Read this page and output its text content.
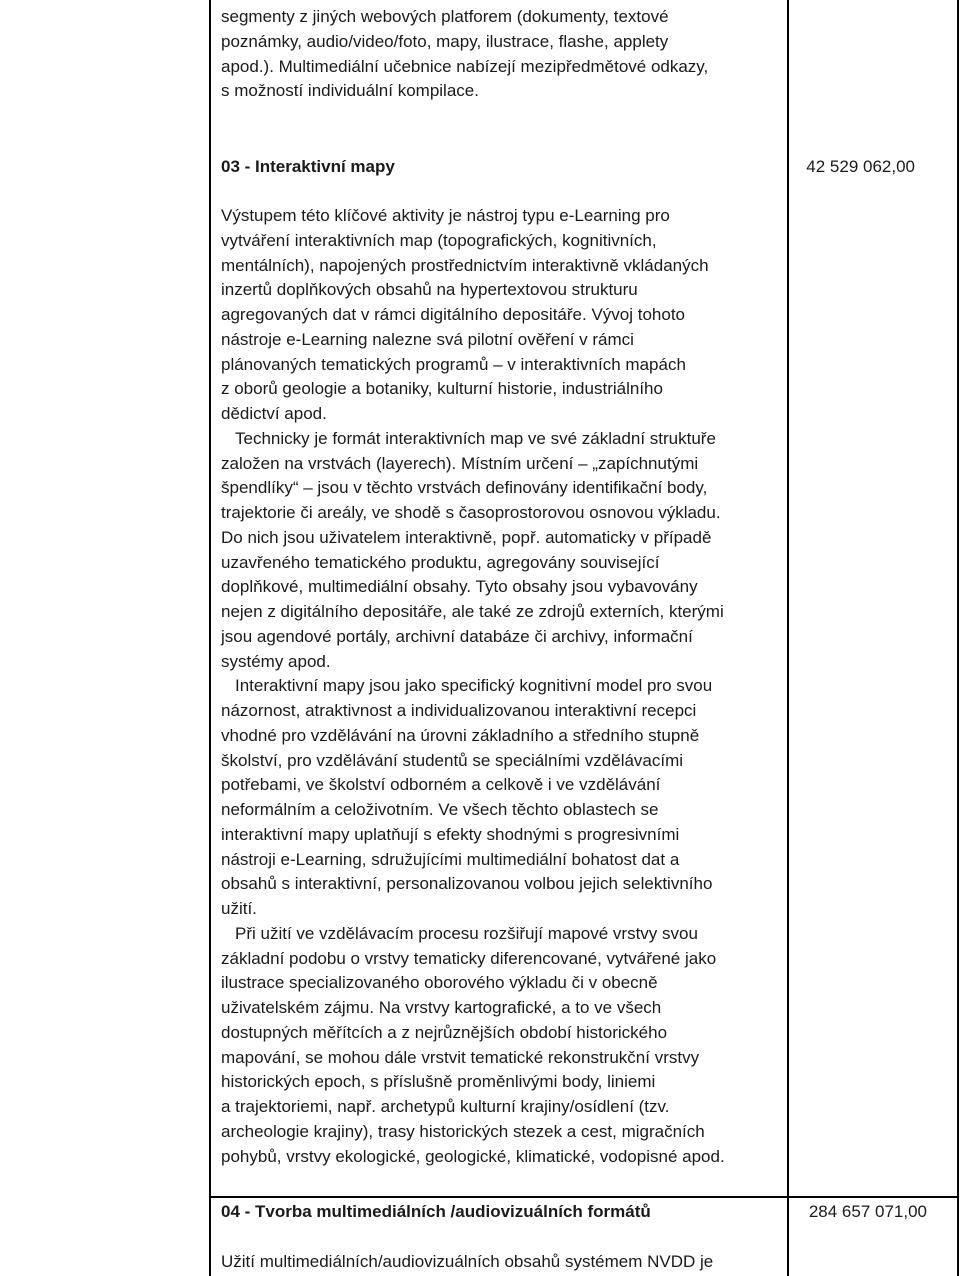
segmenty z jiných webových platforem (dokumenty, textové

poznámky, audio/video/foto, mapy, ilustrace, flashe, applety

apod.). Multimediální učebnice nabízejí mezipředmětové odkazy,

s možností individuální kompilace.

03 - Interaktivní mapy	42 529 062,00

Výstupem této klíčové aktivity je nástroj typu e-Learning pro

vytváření interaktivních map (topografických, kognitivních,

mentálních), napojených prostřednictvím interaktivně vkládaných

inzertů doplňkových obsahů na hypertextovou strukturu

agregovaných dat v rámci digitálního depositáře. Vývoj tohoto

nástroje e-Learning nalezne svá pilotní ověření v rámci

plánovaných tematických programů – v interaktivních mapách

z oborů geologie a botaniky, kulturní historie, industriálního

dědictví apod.

Technicky je formát interaktivních map ve své základní struktuře

založen na vrstvách (layerech). Místním určení – „zapíchnutými

špendlíky“ – jsou v těchto vrstvách definovány identifikační body,

trajektorie či areály, ve shodě s časoprostorovou osnovou výkladu.

Do nich jsou uživatelem interaktivně, popř. automaticky v případě

uzavřeného tematického produktu, agregovány související

doplňkové, multimediální obsahy. Tyto obsahy jsou vybavovány

nejen z digitálního depositáře, ale také ze zdrojů externích, kterými

jsou agendové portály, archivní databáze či archivy, informační

systémy apod.

Interaktivní mapy jsou jako specifický kognitivní model pro svou

názornost, atraktivnost a individualizovanou interaktivní recepci

vhodné pro vzdělávání na úrovni základního a středního stupně

školství, pro vzdělávání studentů se speciálními vzdělávacími

potřebami, ve školství odborném a celkově i ve vzdělávání

neformálním a celoživotním. Ve všech těchto oblastech se

interaktivní mapy uplatňují s efekty shodnými s progresivními

nástroji e-Learning, sdružujícími multimediální bohatost dat a

obsahů s interaktivní, personalizovanou volbou jejich selektivního

užití.

Při užití ve vzdělávacím procesu rozšiřují mapové vrstvy svou

základní podobu o vrstvy tematicky diferencované, vytvářené jako

ilustrace specializovaného oborového výkladu či v obecně

uživatelském zájmu. Na vrstvy kartografické, a to ve všech

dostupných měřítcích a z nejrůznějších období historického

mapování, se mohou dále vrstvit tematické rekonstrukční vrstvy

historických epoch, s příslušně proměnlivými body, liniemi

a trajektoriemi, např. archetypů kulturní krajiny/osídlení (tzv.

archeologie krajiny), trasy historických stezek a cest, migračních

pohybů, vrstvy ekologické, geologické, klimatické, vodopisné apod.

04 - Tvorba multimediálních /audiovizuálních formátů	284 657 071,00
Užití multimediálních/audiovizuálních obsahů systémem NVDD je
